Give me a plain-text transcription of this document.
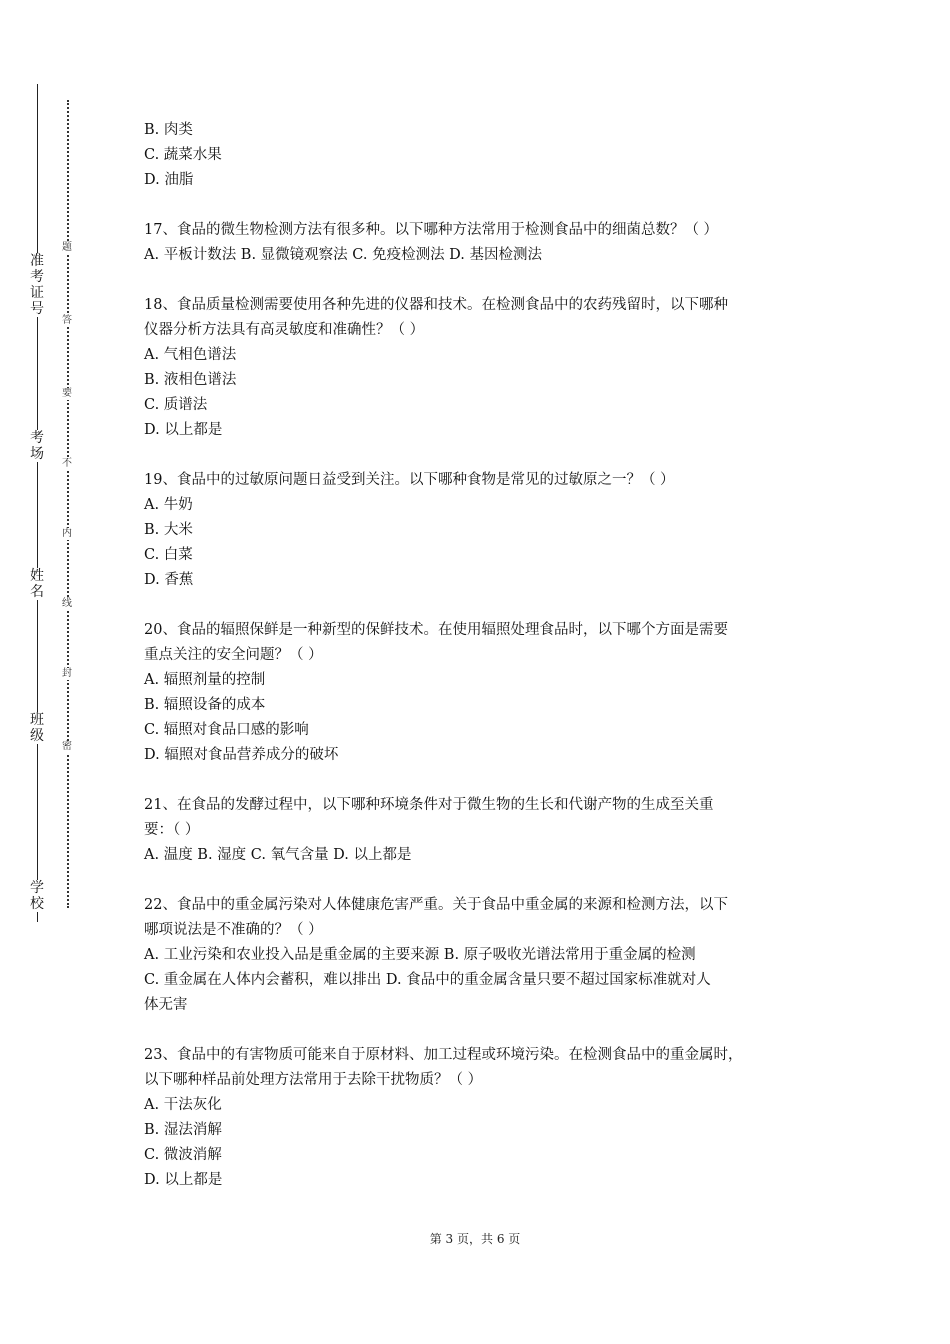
准
考
证
号
考
场
姓
名
班
级
学
校
题
答
要
不
内
线
封
密

B. 肉类

C. 蔬菜水果

D. 油脂

17、食品的微生物检测方法有很多种。以下哪种方法常用于检测食品中的细菌总数？（ ）

A. 平板计数法 B. 显微镜观察法 C. 免疫检测法 D. 基因检测法

18、食品质量检测需要使用各种先进的仪器和技术。在检测食品中的农药残留时，以下哪种

仪器分析方法具有高灵敏度和准确性？（ ）

A. 气相色谱法

B. 液相色谱法

C. 质谱法

D. 以上都是

19、食品中的过敏原问题日益受到关注。以下哪种食物是常见的过敏原之一？（ ）

A. 牛奶

B. 大米

C. 白菜

D. 香蕉

20、食品的辐照保鲜是一种新型的保鲜技术。在使用辐照处理食品时，以下哪个方面是需要

重点关注的安全问题？（ ）

A. 辐照剂量的控制

B. 辐照设备的成本

C. 辐照对食品口感的影响

D. 辐照对食品营养成分的破坏

21、在食品的发酵过程中，以下哪种环境条件对于微生物的生长和代谢产物的生成至关重

要：（ ）

A. 温度 B. 湿度 C. 氧气含量 D. 以上都是

22、食品中的重金属污染对人体健康危害严重。关于食品中重金属的来源和检测方法，以下

哪项说法是不准确的？（ ）

A. 工业污染和农业投入品是重金属的主要来源 B. 原子吸收光谱法常用于重金属的检测

C. 重金属在人体内会蓄积，难以排出 D. 食品中的重金属含量只要不超过国家标准就对人

体无害

23、食品中的有害物质可能来自于原材料、加工过程或环境污染。在检测食品中的重金属时，

以下哪种样品前处理方法常用于去除干扰物质？（ ）

A. 干法灰化

B. 湿法消解

C. 微波消解

D. 以上都是

第 3 页，共 6 页
